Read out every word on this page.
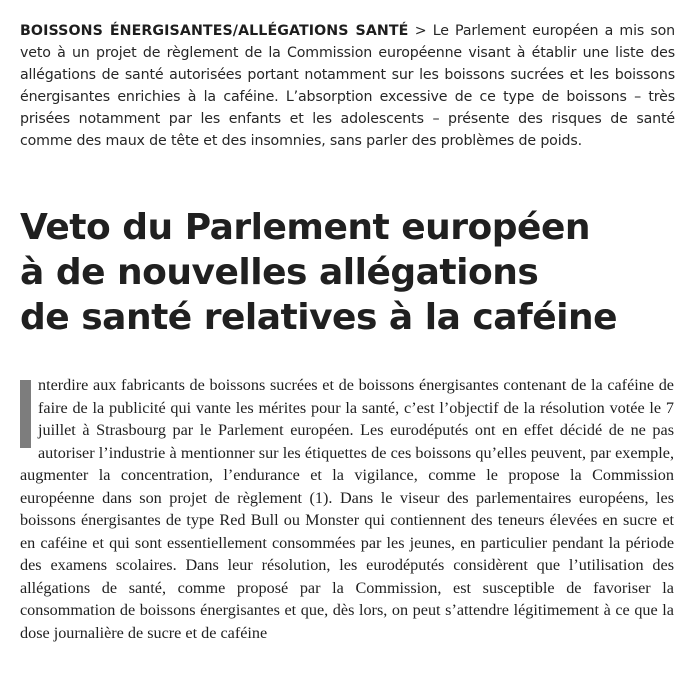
BOISSONS ÉNERGISANTES/ALLÉGATIONS SANTÉ > Le Parlement européen a mis son veto à un projet de règlement de la Commission européenne visant à établir une liste des allégations de santé autorisées portant notamment sur les boissons sucrées et les boissons énergisantes enrichies à la caféine. L’absorption excessive de ce type de boissons – très prisées notamment par les enfants et les adolescents – présente des risques de santé comme des maux de tête et des insomnies, sans parler des problèmes de poids.

Veto du Parlement européen
à de nouvelles allégations
de santé relatives à la caféine

nterdire aux fabricants de boissons sucrées et de boissons énergisantes contenant de la caféine de faire de la publicité qui vante les mérites pour la santé, c’est l’objectif de la résolution votée le 7 juillet à Strasbourg par le Parlement européen. Les eurodéputés ont en effet décidé de ne pas autoriser l’industrie à mentionner sur les étiquettes de ces boissons qu’elles peuvent, par exemple, augmenter la concentration, l’endurance et la vigilance, comme le propose la Commission européenne dans son projet de règlement (1). Dans le viseur des parlementaires européens, les boissons énergisantes de type Red Bull ou Monster qui contiennent des teneurs élevées en sucre et en caféine et qui sont essentiellement consommées par les jeunes, en particulier pendant la période des examens scolaires. Dans leur résolution, les eurodéputés considèrent que l’utilisation des allégations de santé, comme proposé par la Commission, est susceptible de favoriser la consommation de boissons énergisantes et que, dès lors, on peut s’attendre légitimement à ce que la dose journalière de sucre et de caféine
